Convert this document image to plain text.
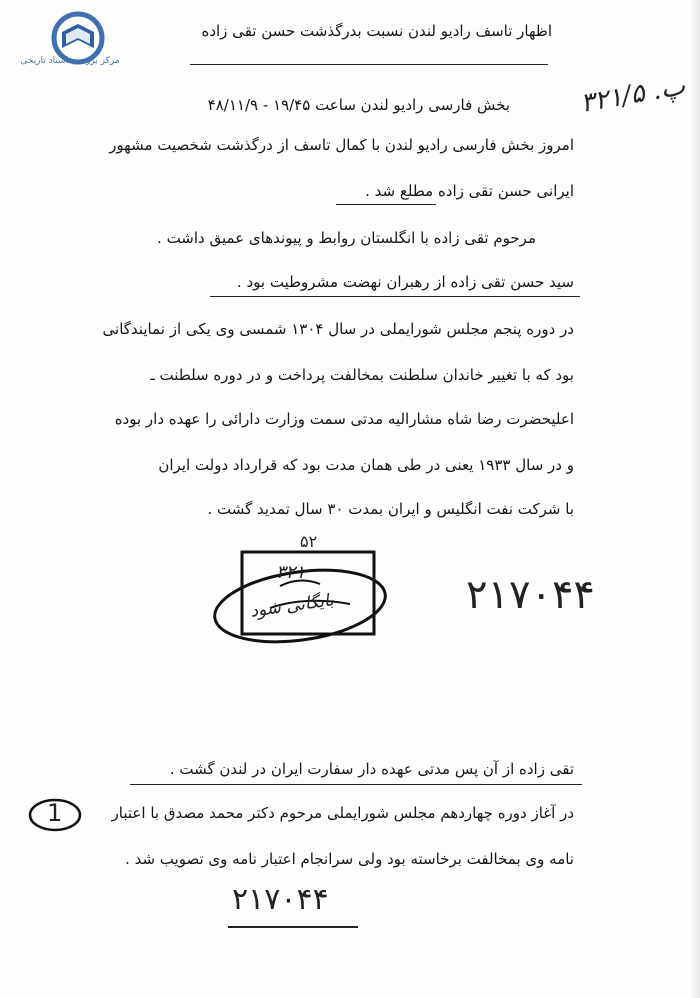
مرکز بررسی اسناد تاریخی
اظهار تاسف رادیو لندن نسبت بدرگذشت حسن تقی زاده
پ. ۳۲۱/۵
بخش فارسی رادیو لندن ساعت ۱۹/۴۵ - ۴۸/۱۱/۹
امروز بخش فارسی رادیو لندن با کمال تاسف از درگذشت شخصیت مشهور
ایرانی حسن تقی زاده مطلع شد .
مرحوم تقی زاده با انگلستان روابط و پیوندهای عمیق داشت .
سید حسن تقی زاده از رهبران نهضت مشروطیت بود .
در دوره پنجم مجلس شورایملی در سال ۱۳۰۴ شمسی وی یکی از نمایندگانی
بود که با تغییر خاندان سلطنت بمخالفت پرداخت و در دوره سلطنت ـ
اعلیحضرت رضا شاه مشارالیه مدتی سمت وزارت دارائی را عهده دار بوده
و در سال ۱۹۳۳ یعنی در طی همان مدت بود که قرارداد دولت ایران
با شرکت نفت انگلیس و ایران بمدت ۳۰ سال تمدید گشت .
۵۲
۳۲۱
بایگانی شود	۲۱۷۰۴۴
تقی زاده از آن پس مدتی عهده دار سفارت ایران در لندن گشت .
1	در آغاز دوره چهاردهم مجلس شورایملی مرحوم دکتر محمد مصدق با اعتبار
نامه وی بمخالفت برخاسته بود ولی سرانجام اعتبار نامه وی تصویب شد .
۲۱۷۰۴۴
